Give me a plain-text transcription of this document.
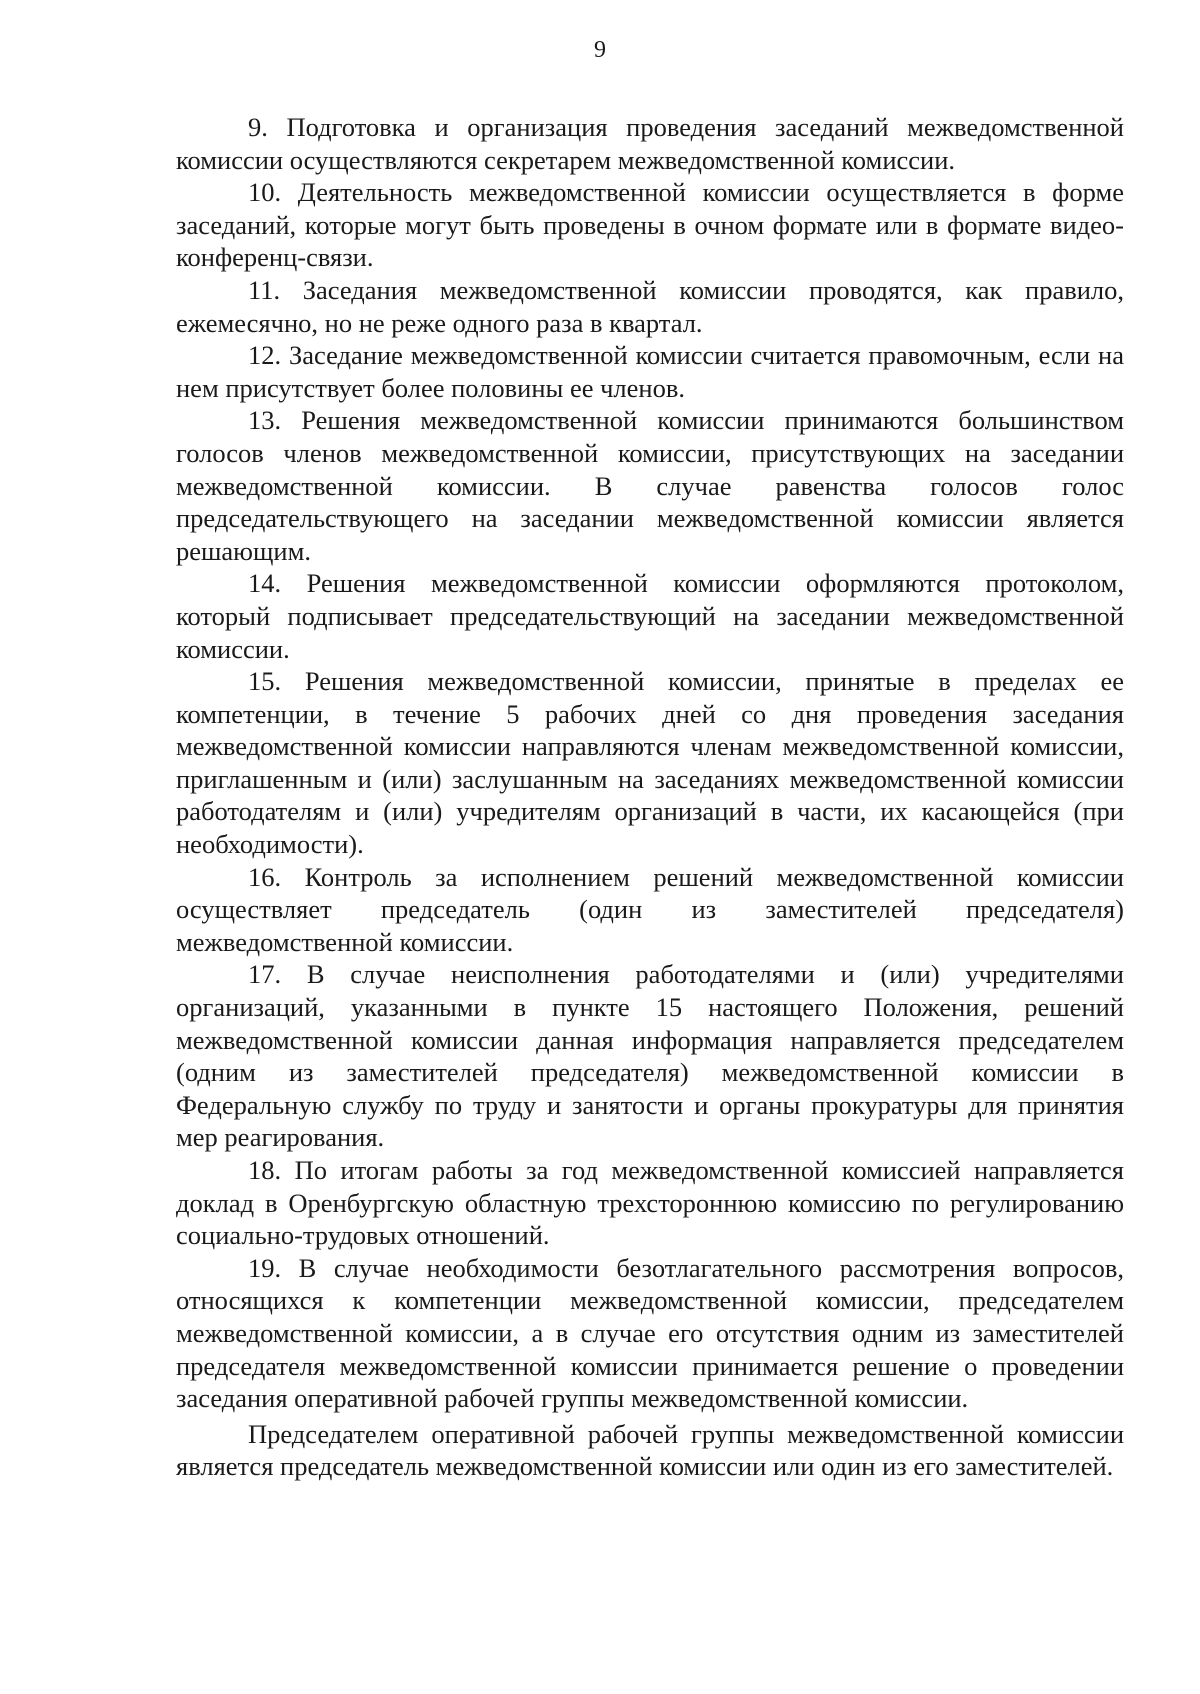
9

9. Подготовка и организация проведения заседаний межведомственной комиссии осуществляются секретарем межведомственной комиссии.

10. Деятельность межведомственной комиссии осуществляется в форме заседаний, которые могут быть проведены в очном формате или в формате видео-конференц-связи.

11. Заседания межведомственной комиссии проводятся, как правило, ежемесячно, но не реже одного раза в квартал.

12. Заседание межведомственной комиссии считается правомочным, если на нем присутствует более половины ее членов.

13. Решения межведомственной комиссии принимаются большинством голосов членов межведомственной комиссии, присутствующих на заседании межведомственной комиссии. В случае равенства голосов голос председательствующего на заседании межведомственной комиссии является решающим.

14. Решения межведомственной комиссии оформляются протоколом, который подписывает председательствующий на заседании межведомственной комиссии.

15. Решения межведомственной комиссии, принятые в пределах ее компетенции, в течение 5 рабочих дней со дня проведения заседания межведомственной комиссии направляются членам межведомственной комиссии, приглашенным и (или) заслушанным на заседаниях межведомственной комиссии работодателям и (или) учредителям организаций в части, их касающейся (при необходимости).

16. Контроль за исполнением решений межведомственной комиссии осуществляет председатель (один из заместителей председателя) межведомственной комиссии.

17. В случае неисполнения работодателями и (или) учредителями организаций, указанными в пункте 15 настоящего Положения, решений межведомственной комиссии данная информация направляется председателем (одним из заместителей председателя) межведомственной комиссии в Федеральную службу по труду и занятости и органы прокуратуры для принятия мер реагирования.

18. По итогам работы за год межведомственной комиссией направляется доклад в Оренбургскую областную трехстороннюю комиссию по регулированию социально-трудовых отношений.

19. В случае необходимости безотлагательного рассмотрения вопросов, относящихся к компетенции межведомственной комиссии, председателем межведомственной комиссии, а в случае его отсутствия одним из заместителей председателя межведомственной комиссии принимается решение о проведении заседания оперативной рабочей группы межведомственной комиссии.

Председателем оперативной рабочей группы межведомственной комиссии является председатель межведомственной комиссии или один из его заместителей.
